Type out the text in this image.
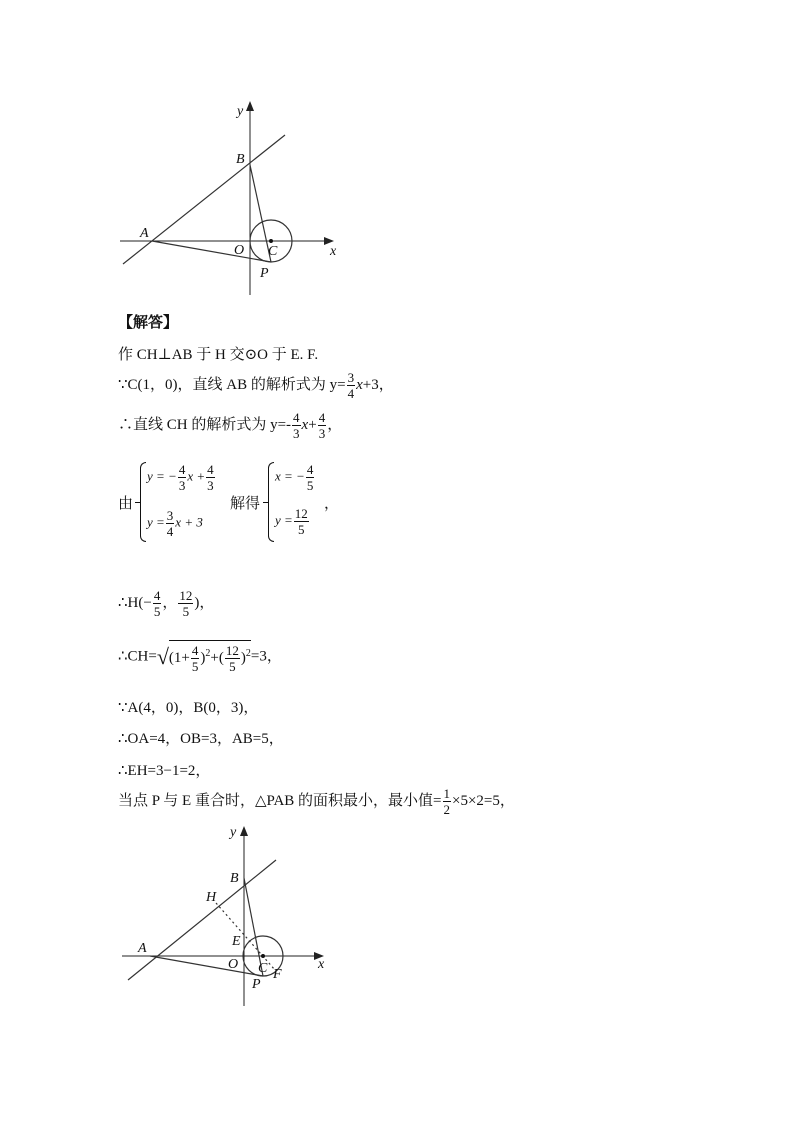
y
x
B
A
O C
P
【解答】
作 CH⊥AB 于 H 交⊙O 于 E. F.
∵C(1，0)，直线 AB 的解析式为 $y= \frac{3}{4} x+3$，
∴直线 CH 的解析式为 $y=- \frac{4}{3} x+ \frac{4}{3}$ ，
由
y = − $\frac{4}{3}$ $x + \frac{4}{3}$
$y = \frac{3}{4}$ x + 3
解得
x = − $\frac{4}{5}$
$y = \frac{12}{5}$
，
∴H(− $\frac{4}{5}$ ， $\frac{12}{5}$ )，
∴CH=√(1+ $\frac{4}{5} )^2+( \frac{12}{5} )^2=3$，
∵A(4，0)，B(0，3)，
∴OA=4，OB=3，AB=5，
∴EH=3−1=2，
当点 P 与 E 重合时，△PAB 的面积最小，最小值= $\frac{1}{2} \times 5\times 2=5$，
y
x
B
H
A	E
O C F
P
